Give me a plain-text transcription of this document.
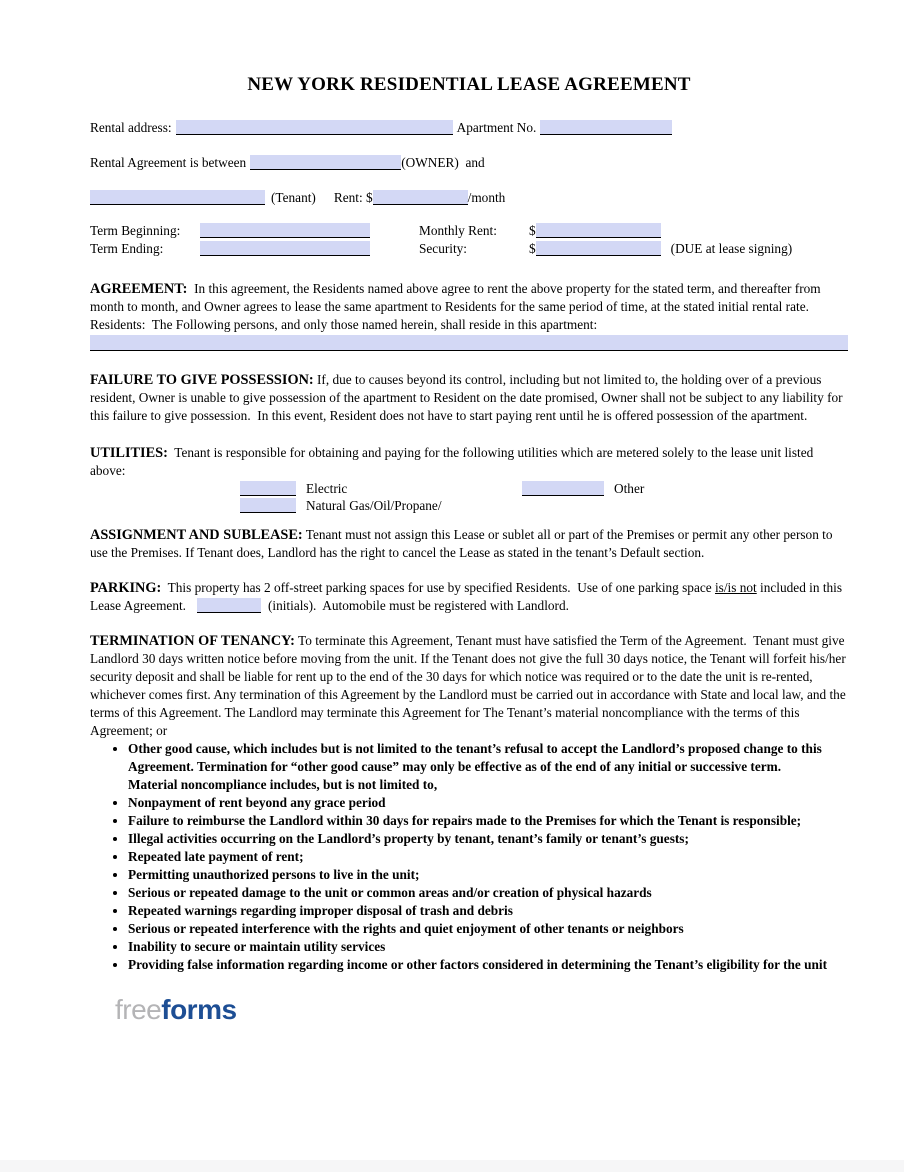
NEW YORK RESIDENTIAL LEASE AGREEMENT
Rental address:	Apartment No.
Rental Agreement is between	(OWNER)  and
(Tenant) Rent: $	/month
Term Beginning:	Monthly Rent: $
Term Ending:	Security:	$	(DUE at lease signing)

AGREEMENT:  In this agreement, the Residents named above agree to rent the above property for the stated term, and thereafter from month to month, and Owner agrees to lease the same apartment to Residents for the same period of time, at the stated initial rental rate.  Residents:  The Following persons, and only those named herein, shall reside in this apartment:

FAILURE TO GIVE POSSESSION: If, due to causes beyond its control, including but not limited to, the holding over of a previous resident, Owner is unable to give possession of the apartment to Resident on the date promised, Owner shall not be subject to any liability for this failure to give possession.  In this event, Resident does not have to start paying rent until he is offered possession of the apartment.

UTILITIES:  Tenant is responsible for obtaining and paying for the following utilities which are metered solely to the lease unit listed above:

Electric	Other
Natural Gas/Oil/Propane/

ASSIGNMENT AND SUBLEASE: Tenant must not assign this Lease or sublet all or part of the Premises or permit any other person to use the Premises. If Tenant does, Landlord has the right to cancel the Lease as stated in the tenant’s Default section.

PARKING:  This property has 2 off-street parking spaces for use by specified Residents.  Use of one parking space is/is not included in this Lease Agreement.	(initials).  Automobile must be registered with Landlord.

TERMINATION OF TENANCY: To terminate this Agreement, Tenant must have satisfied the Term of the Agreement.  Tenant must give Landlord 30 days written notice before moving from the unit. If the Tenant does not give the full 30 days notice, the Tenant will forfeit his/her security deposit and shall be liable for rent up to the end of the 30 days for which notice was required or to the date the unit is re-rented, whichever comes first. Any termination of this Agreement by the Landlord must be carried out in accordance with State and local law, and the terms of this Agreement. The Landlord may terminate this Agreement for The Tenant’s material noncompliance with the terms of this Agreement; or

• Other good cause, which includes but is not limited to the tenant’s refusal to accept the Landlord’s proposed change to this Agreement. Termination for “other good cause” may only be effective as of the end of any initial or successive term.
Material noncompliance includes, but is not limited to,
• Nonpayment of rent beyond any grace period
• Failure to reimburse the Landlord within 30 days for repairs made to the Premises for which the Tenant is responsible;
• Illegal activities occurring on the Landlord’s property by tenant, tenant’s family or tenant’s guests;
• Repeated late payment of rent;
• Permitting unauthorized persons to live in the unit;
• Serious or repeated damage to the unit or common areas and/or creation of physical hazards
• Repeated warnings regarding improper disposal of trash and debris
• Serious or repeated interference with the rights and quiet enjoyment of other tenants or neighbors
• Inability to secure or maintain utility services
• Providing false information regarding income or other factors considered in determining the Tenant’s eligibility for the unit
freeforms
